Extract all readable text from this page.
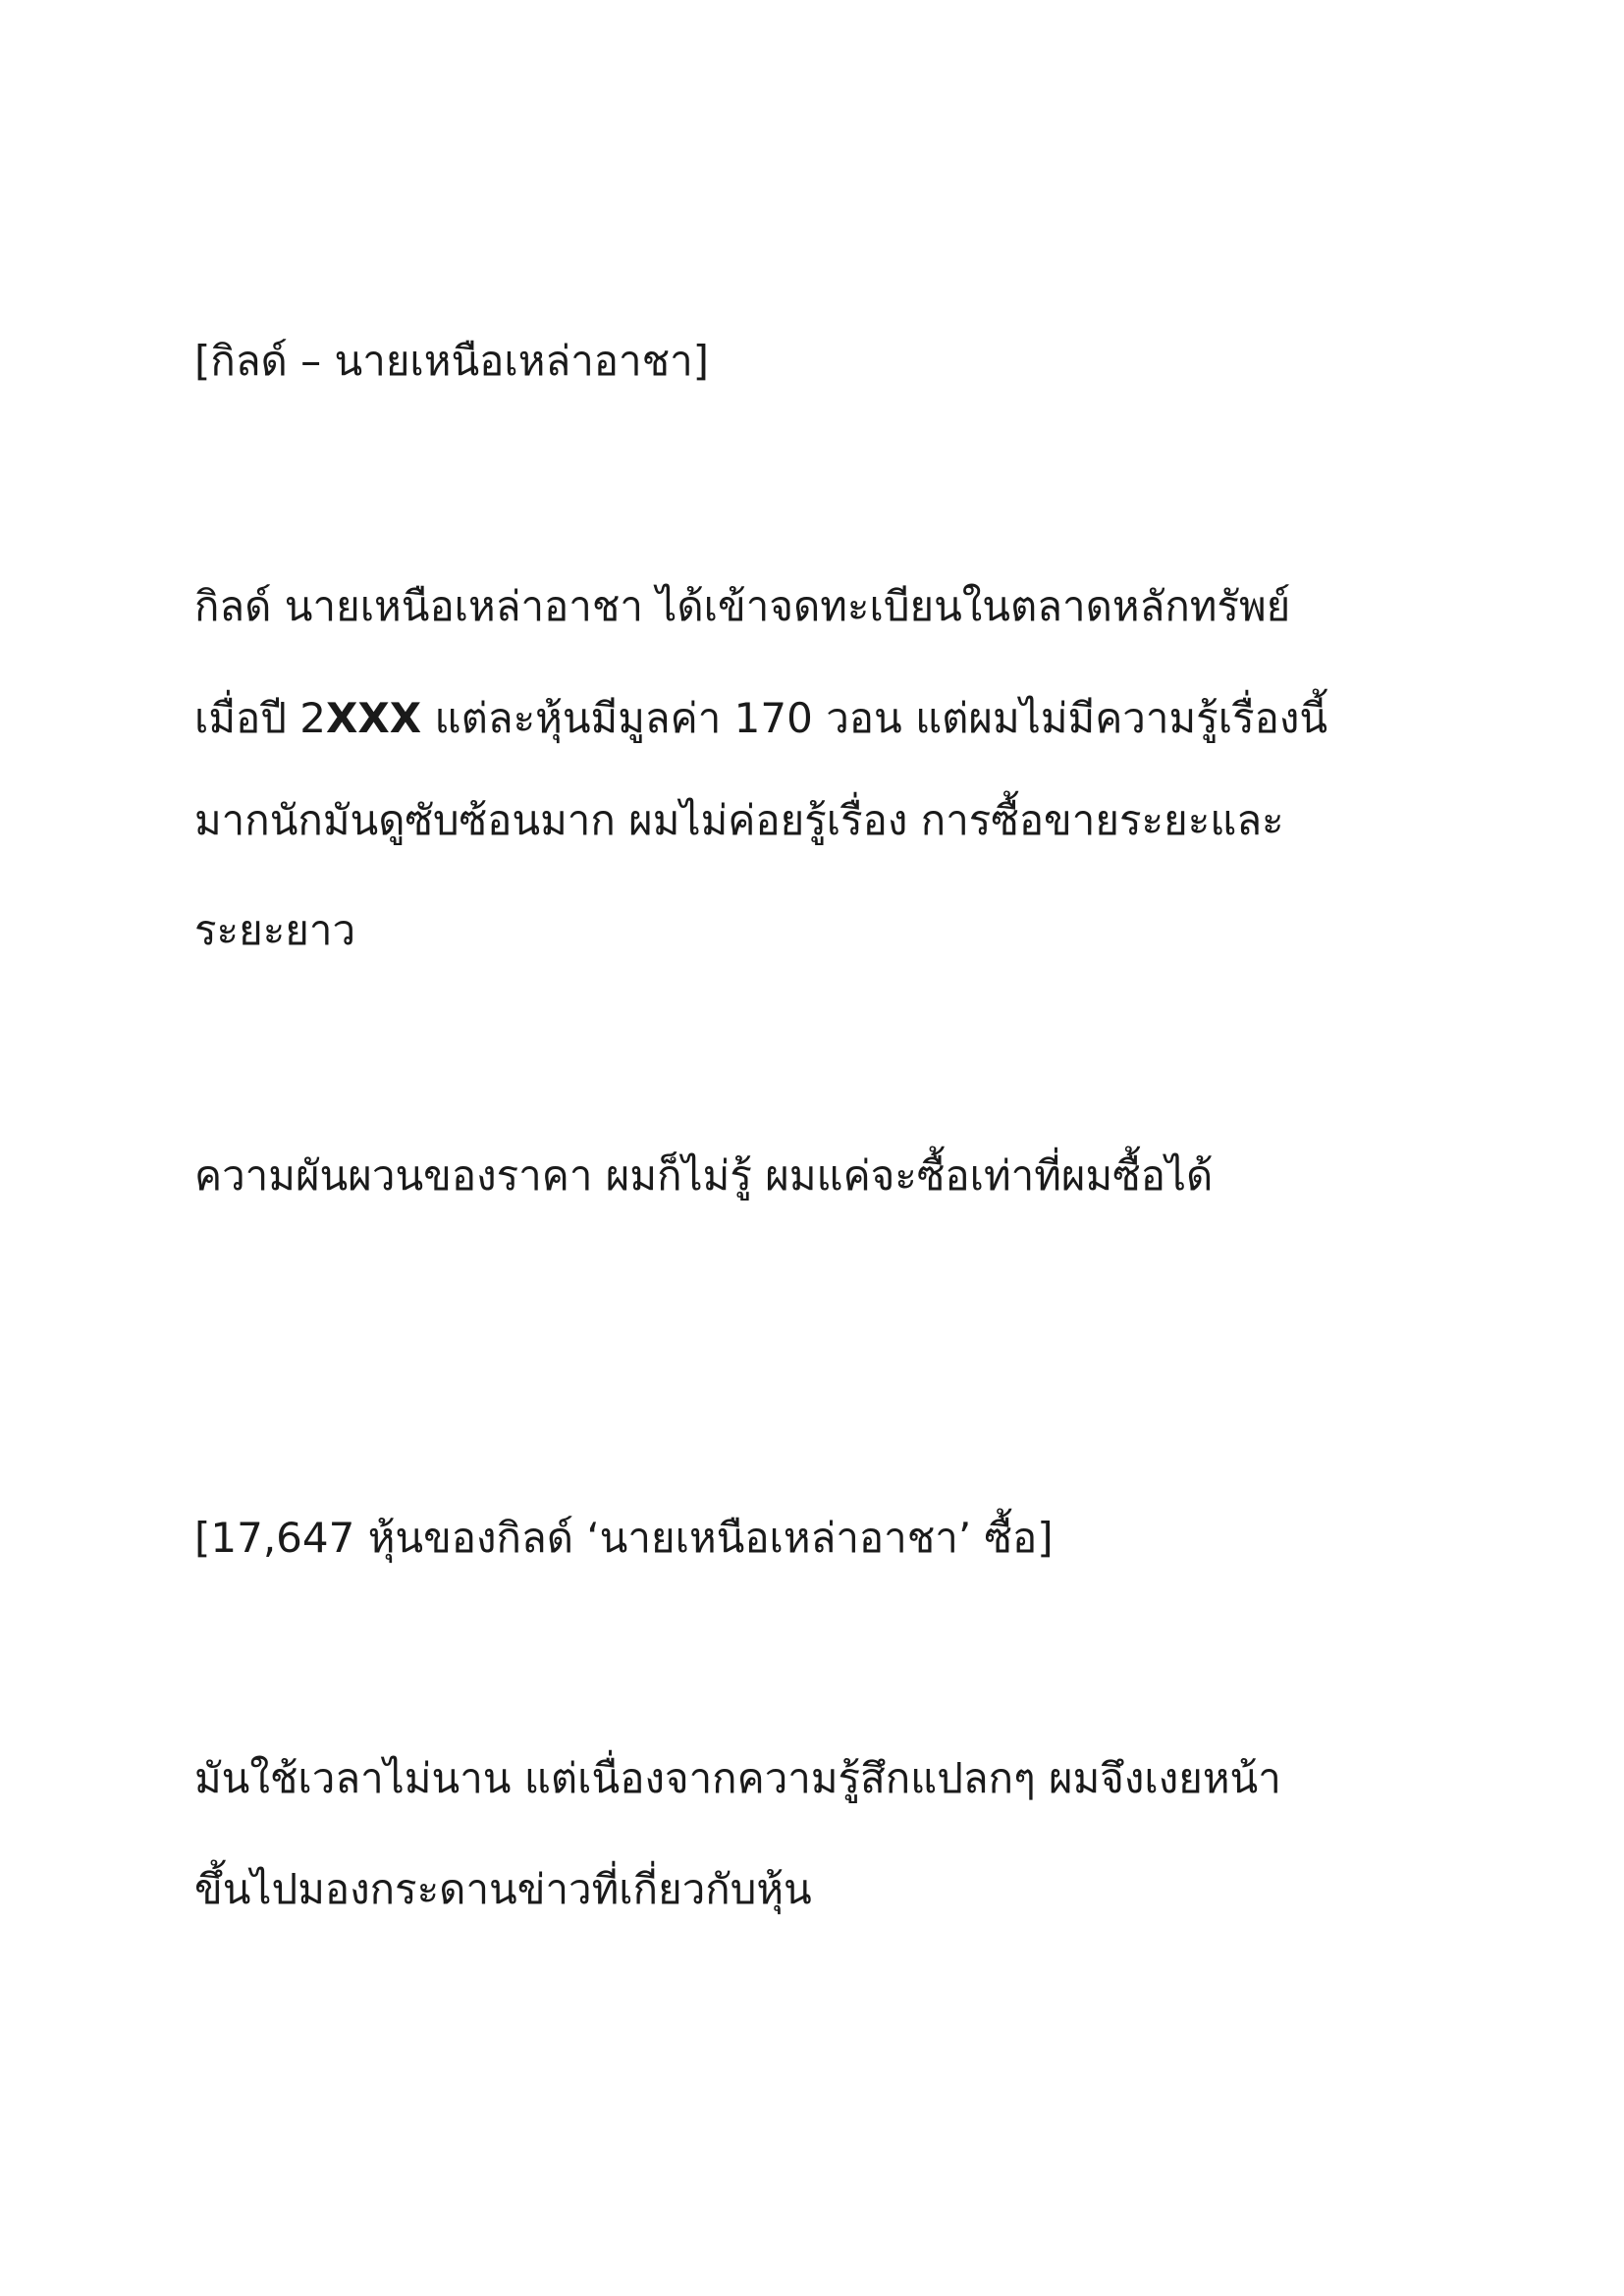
[กิลด์ – นายเหนือเหล่าอาชา]

กิลด์ นายเหนือเหล่าอาชา ได้เข้าจดทะเบียนในตลาดหลักทรัพย์

เมื่อปี 2XXX แต่ละหุ้นมีมูลค่า 170 วอน แต่ผมไม่มีความรู้เรื่องนี้

มากนักมันดูซับซ้อนมาก ผมไม่ค่อยรู้เรื่อง การซื้อขายระยะและ

ระยะยาว

ความผันผวนของราคา ผมก็ไม่รู้ ผมแค่จะซื้อเท่าที่ผมซื้อได้

[17,647 หุ้นของกิลด์ ‘นายเหนือเหล่าอาชา’ ซื้อ]

มันใช้เวลาไม่นาน แต่เนื่องจากความรู้สึกแปลกๆ ผมจึงเงยหน้า

ขึ้นไปมองกระดานข่าวที่เกี่ยวกับหุ้น
